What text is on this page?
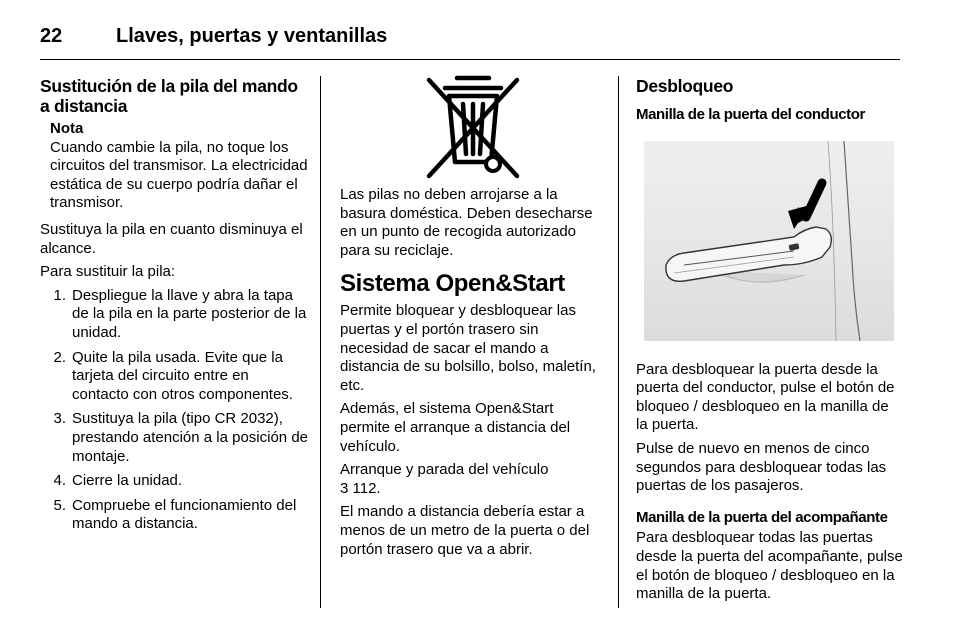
22	Llaves, puertas y ventanillas
Sustitución de la pila del mando a distancia
Nota
Cuando cambie la pila, no toque los circuitos del transmisor. La electricidad estática de su cuerpo podría dañar el transmisor.

Sustituya la pila en cuanto disminuya el alcance.

Para sustituir la pila:

1. Despliegue la llave y abra la tapa de la pila en la parte posterior de la unidad.
2. Quite la pila usada. Evite que la tarjeta del circuito entre en contacto con otros componentes.
3. Sustituya la pila (tipo CR 2032), prestando atención a la posición de montaje.
4. Cierre la unidad.
5. Compruebe el funcionamiento del mando a distancia.

Las pilas no deben arrojarse a la basura doméstica. Deben desecharse en un punto de recogida autorizado para su reciclaje.

Sistema Open&Start

Permite bloquear y desbloquear las puertas y el portón trasero sin necesidad de sacar el mando a distancia de su bolsillo, bolso, maletín, etc.

Además, el sistema Open&Start permite el arranque a distancia del vehículo.

Arranque y parada del vehículo
3 112.

El mando a distancia debería estar a menos de un metro de la puerta o del portón trasero que va a abrir.

Desbloqueo
Manilla de la puerta del conductor

Para desbloquear la puerta desde la puerta del conductor, pulse el botón de bloqueo / desbloqueo en la manilla de la puerta.

Pulse de nuevo en menos de cinco segundos para desbloquear todas las puertas de los pasajeros.

Manilla de la puerta del acompañante

Para desbloquear todas las puertas desde la puerta del acompañante, pulse el botón de bloqueo / desbloqueo en la manilla de la puerta.
